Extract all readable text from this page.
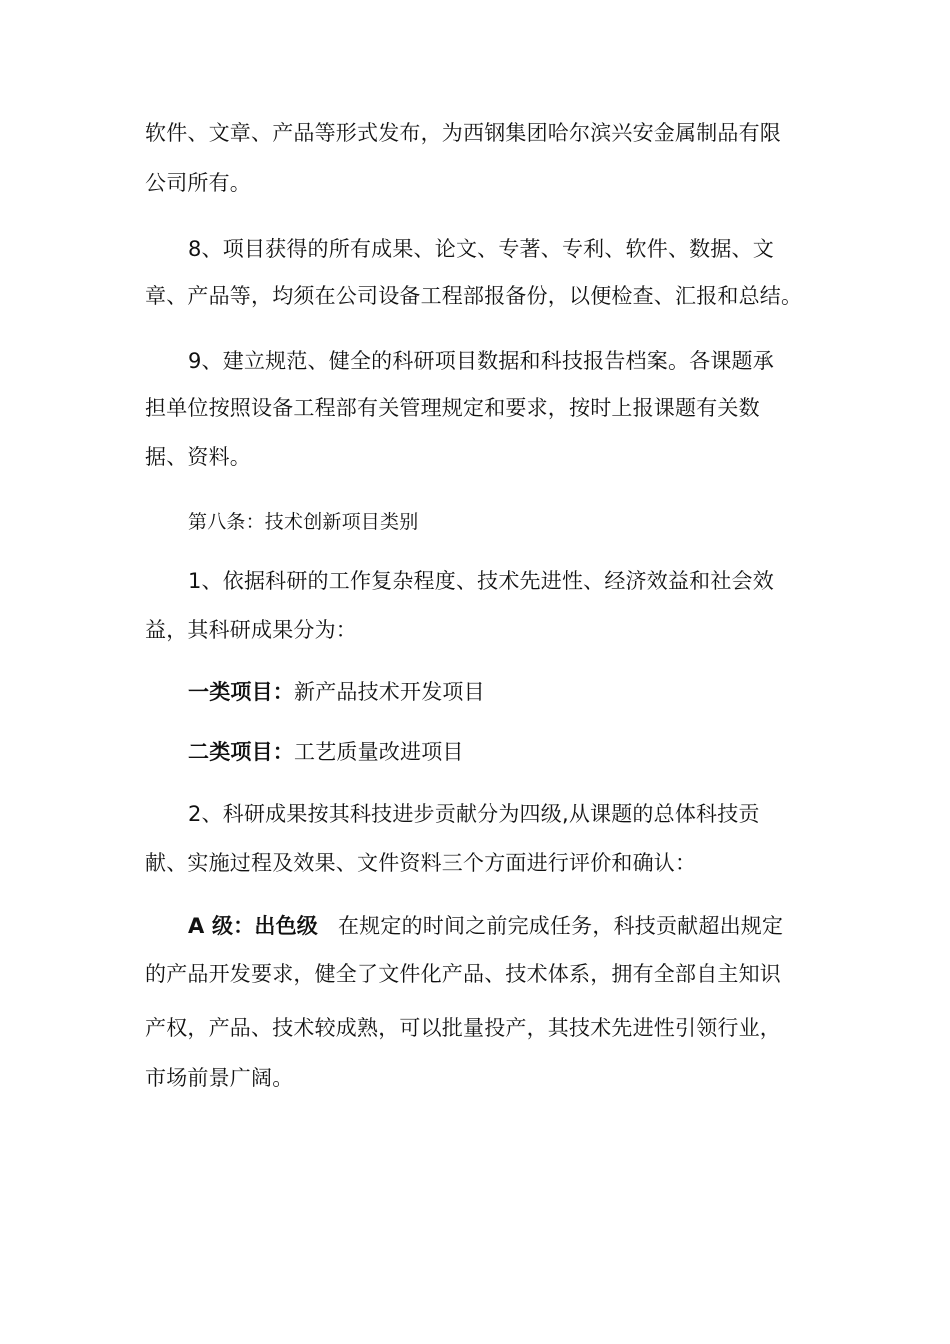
软件、文章、产品等形式发布，为西钢集团哈尔滨兴安金属制品有限
公司所有。
8、项目获得的所有成果、论文、专著、专利、软件、数据、文
章、产品等，均须在公司设备工程部报备份，以便检查、汇报和总结。
9、建立规范、健全的科研项目数据和科技报告档案。各课题承
担单位按照设备工程部有关管理规定和要求，按时上报课题有关数
据、资料。
第八条：技术创新项目类别
1、依据科研的工作复杂程度、技术先进性、经济效益和社会效
益，其科研成果分为：
一类项目：新产品技术开发项目
二类项目：工艺质量改进项目
2、科研成果按其科技进步贡献分为四级,从课题的总体科技贡
献、实施过程及效果、文件资料三个方面进行评价和确认：
A 级：出色级 在规定的时间之前完成任务，科技贡献超出规定
的产品开发要求，健全了文件化产品、技术体系，拥有全部自主知识
产权，产品、技术较成熟，可以批量投产，其技术先进性引领行业，
市场前景广阔。
